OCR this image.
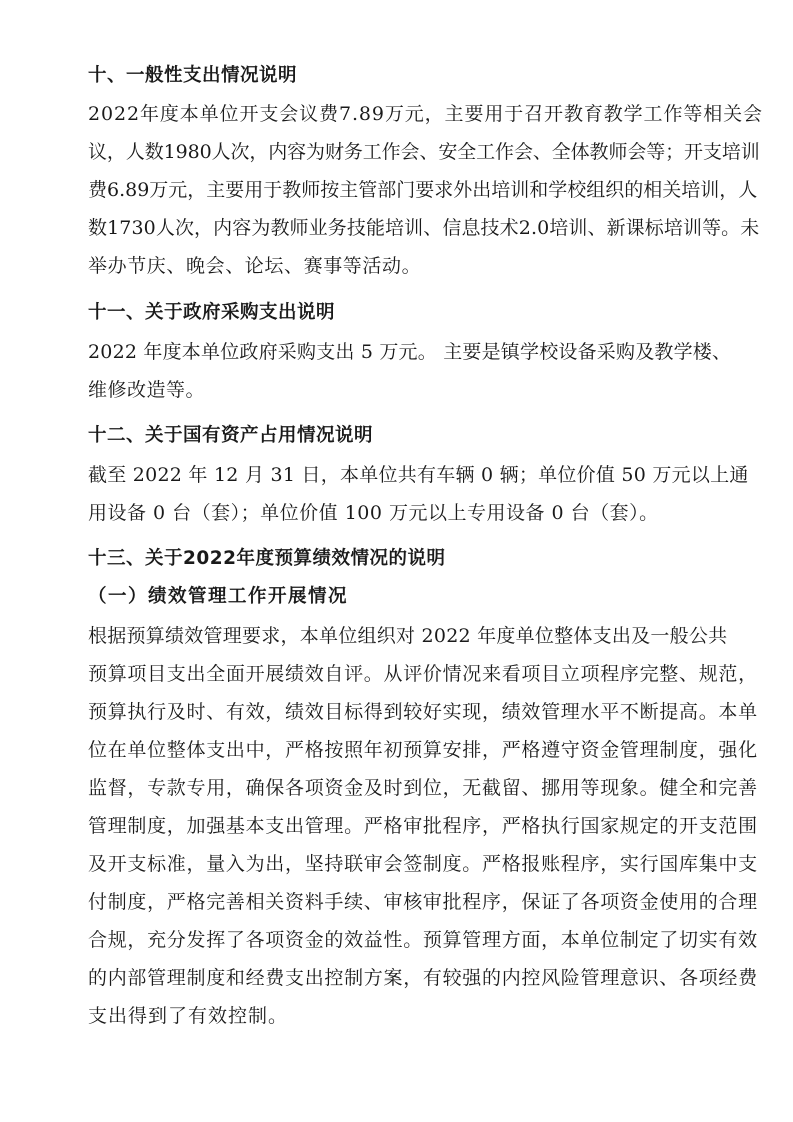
十、一般性支出情况说明
2022年度本单位开支会议费7.89万元，主要用于召开教育教学工作等相关会
议，人数1980人次，内容为财务工作会、安全工作会、全体教师会等；开支培训
费6.89万元，主要用于教师按主管部门要求外出培训和学校组织的相关培训，人
数1730人次，内容为教师业务技能培训、信息技术2.0培训、新课标培训等。未
举办节庆、晚会、论坛、赛事等活动。
十一、关于政府采购支出说明
2022 年度本单位政府采购支出 5 万元。 主要是镇学校设备采购及教学楼、
维修改造等。
十二、关于国有资产占用情况说明
截至 2022 年 12 月 31 日，本单位共有车辆 0 辆；单位价值 50 万元以上通
用设备 0 台（套）；单位价值 100 万元以上专用设备 0 台（套）。
十三、关于2022年度预算绩效情况的说明
（一）绩效管理工作开展情况
根据预算绩效管理要求，本单位组织对 2022 年度单位整体支出及一般公共
预算项目支出全面开展绩效自评。从评价情况来看项目立项程序完整、规范，
预算执行及时、有效，绩效目标得到较好实现，绩效管理水平不断提高。本单
位在单位整体支出中，严格按照年初预算安排，严格遵守资金管理制度，强化
监督，专款专用，确保各项资金及时到位，无截留、挪用等现象。健全和完善
管理制度，加强基本支出管理。严格审批程序，严格执行国家规定的开支范围
及开支标准，量入为出，坚持联审会签制度。严格报账程序，实行国库集中支
付制度，严格完善相关资料手续、审核审批程序，保证了各项资金使用的合理
合规，充分发挥了各项资金的效益性。预算管理方面，本单位制定了切实有效
的内部管理制度和经费支出控制方案，有较强的内控风险管理意识、各项经费
支出得到了有效控制。
